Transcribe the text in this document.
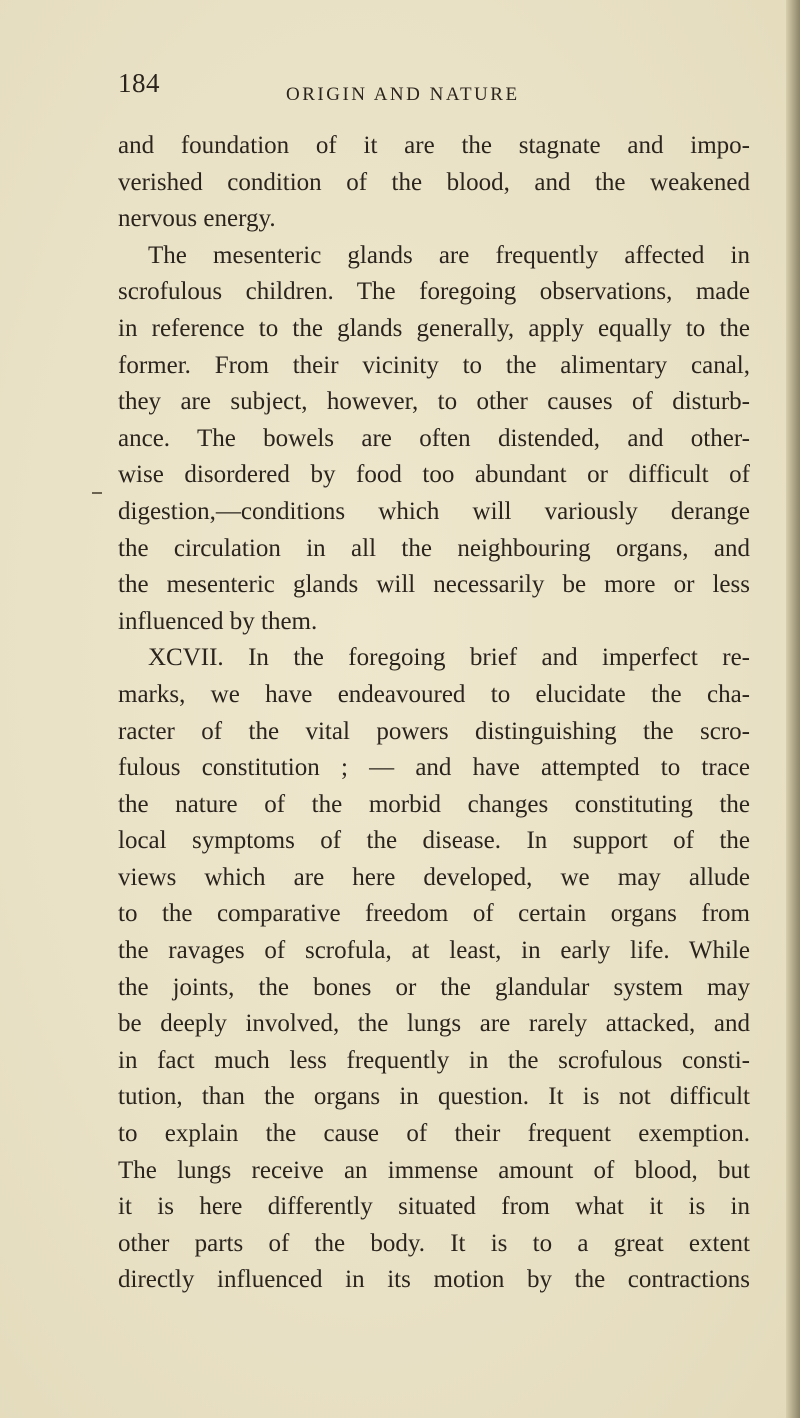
184	ORIGIN AND NATURE
and foundation of it are the stagnate and impo-
verished condition of the blood, and the weakened
nervous energy.
The mesenteric glands are frequently affected in
scrofulous children. The foregoing observations, made
in reference to the glands generally, apply equally to the
former. From their vicinity to the alimentary canal,
they are subject, however, to other causes of disturb-
ance. The bowels are often distended, and other-
wise disordered by food too abundant or difficult of
digestion,—conditions which will variously derange
the circulation in all the neighbouring organs, and
the mesenteric glands will necessarily be more or less
influenced by them.
XCVII. In the foregoing brief and imperfect re-
marks, we have endeavoured to elucidate the cha-
racter of the vital powers distinguishing the scro-
fulous constitution ; — and have attempted to trace
the nature of the morbid changes constituting the
local symptoms of the disease. In support of the
views which are here developed, we may allude
to the comparative freedom of certain organs from
the ravages of scrofula, at least, in early life. While
the joints, the bones or the glandular system may
be deeply involved, the lungs are rarely attacked, and
in fact much less frequently in the scrofulous consti-
tution, than the organs in question. It is not difficult
to explain the cause of their frequent exemption.
The lungs receive an immense amount of blood, but
it is here differently situated from what it is in
other parts of the body. It is to a great extent
directly influenced in its motion by the contractions
